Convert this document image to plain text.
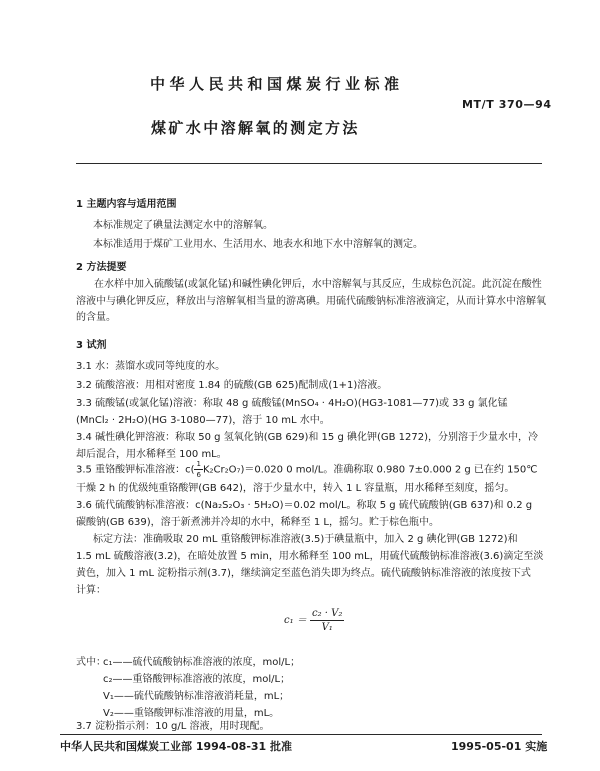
中华人民共和国煤炭行业标准
MT/T 370—94
煤矿水中溶解氧的测定方法
1 主题内容与适用范围
本标准规定了碘量法测定水中的溶解氧。
本标准适用于煤矿工业用水、生活用水、地表水和地下水中溶解氧的测定。
2 方法提要
在水样中加入硫酸锰(或氯化锰)和碱性碘化钾后，水中溶解氧与其反应，生成棕色沉淀。此沉淀在酸性溶液中与碘化钾反应，释放出与溶解氧相当量的游离碘。用硫代硫酸钠标准溶液滴定，从而计算水中溶解氧的含量。
3 试剂
3.1 水：蒸馏水或同等纯度的水。
3.2 硫酸溶液：用相对密度 1.84 的硫酸(GB 625)配制成(1+1)溶液。
3.3 硫酸锰(或氯化锰)溶液：称取 48 g 硫酸锰(MnSO₄ · 4H₂O)(HG3-1081—77)或 33 g 氯化锰
(MnCl₂ · 2H₂O)(HG 3-1080—77)，溶于 10 mL 水中。
3.4 碱性碘化钾溶液：称取 50 g 氢氧化钠(GB 629)和 15 g 碘化钾(GB 1272)，分别溶于少量水中，冷
却后混合，用水稀释至 100 mL。
3.5 重铬酸钾标准溶液：$c( \frac{1}{6} K_2Cr_2O_7)=0.020$ 0 mol/L。准确称取 0.980 7±0.000 2 g 已在约 150℃
干燥 2 h 的优级纯重铬酸钾(GB 642)，溶于少量水中，转入 1 L 容量瓶，用水稀释至刻度，摇匀。
3.6 硫代硫酸钠标准溶液：c(Na₂S₂O₃ · 5H₂O)＝0.02 mol/L。称取 5 g 硫代硫酸钠(GB 637)和 0.2 g
碳酸钠(GB 639)，溶于新煮沸并冷却的水中，稀释至 1 L，摇匀。贮于棕色瓶中。
标定方法：准确吸取 20 mL 重铬酸钾标准溶液(3.5)于碘量瓶中，加入 2 g 碘化钾(GB 1272)和
1.5 mL 硫酸溶液(3.2)，在暗处放置 5 min，用水稀释至 100 mL，用硫代硫酸钠标准溶液(3.6)滴定至淡
黄色，加入 1 mL 淀粉指示剂(3.7)，继续滴定至蓝色消失即为终点。硫代硫酸钠标准溶液的浓度按下式
计算：
$c_1 = \frac{\text{c₂ · V₂}}{\text{V₁}}$
式中：
c₁——硫代硫酸钠标准溶液的浓度，mol/L；
c₂——重铬酸钾标准溶液的浓度，mol/L；
V₁——硫代硫酸钠标准溶液消耗量，mL；
V₂——重铬酸钾标准溶液的用量，mL。
3.7 淀粉指示剂：10 g/L 溶液，用时现配。
中华人民共和国煤炭工业部 1994-08-31 批准	1995-05-01 实施
